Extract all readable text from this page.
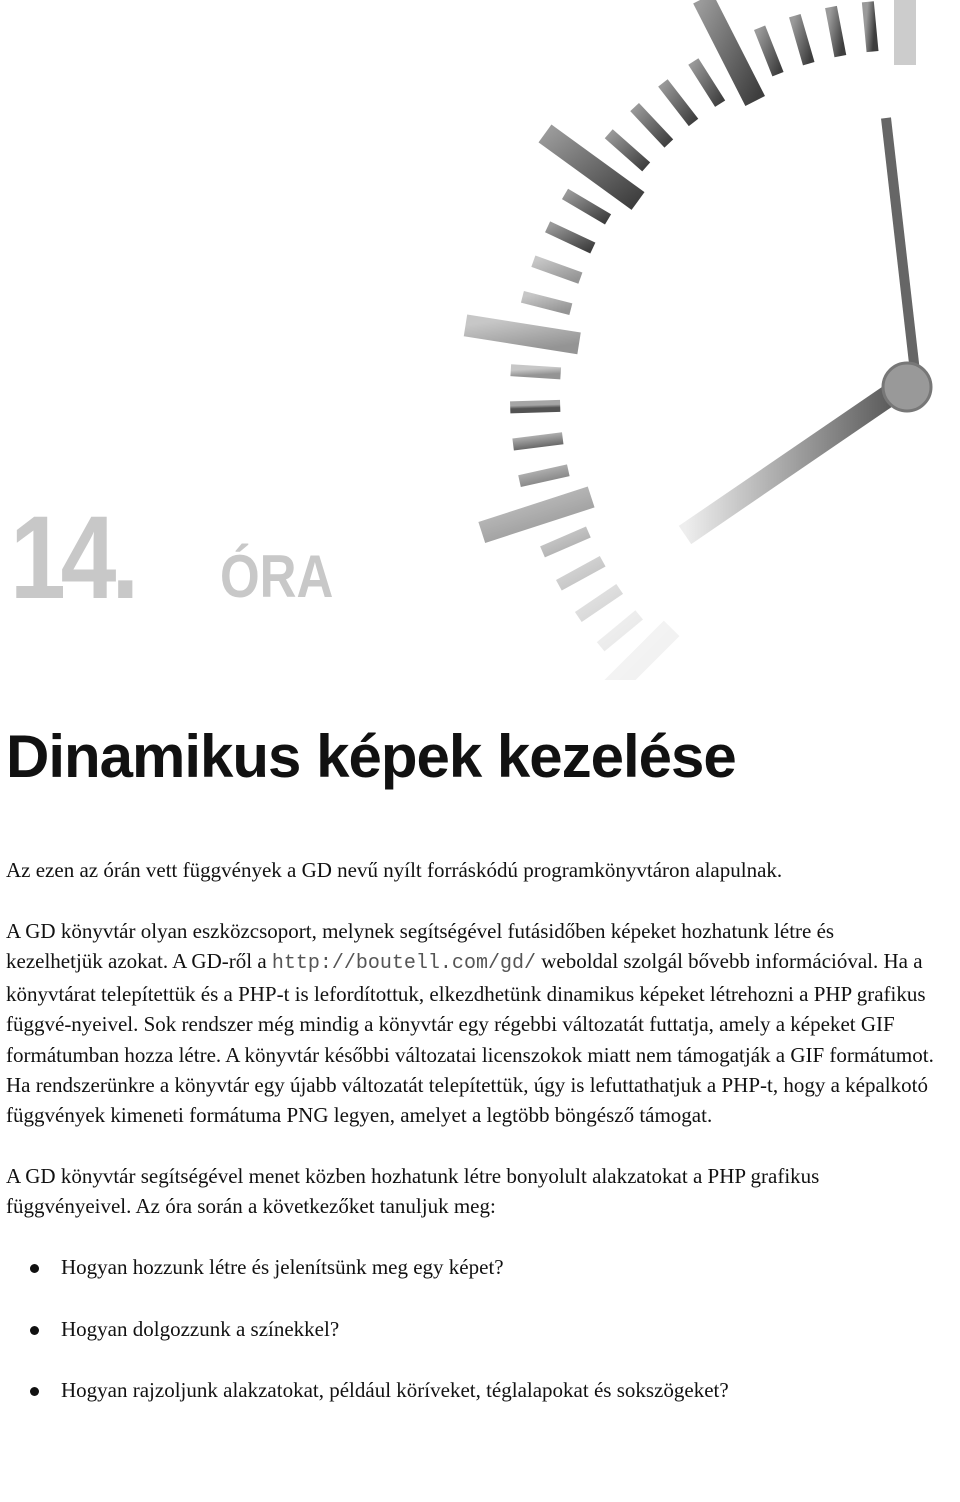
14. ÓRA
Dinamikus képek kezelése

Az ezen az órán vett függvények a GD nevű nyílt forráskódú programkönyvtáron alapulnak.

A GD könyvtár olyan eszközcsoport, melynek segítségével futásidőben képeket hozhatunk létre és kezelhetjük azokat. A GD-ről a http://boutell.com/gd/ weboldal szolgál bővebb információval. Ha a könyvtárat telepítettük és a PHP-t is lefordítottuk, elkezdhetünk dinamikus képeket létrehozni a PHP grafikus függvé-nyeivel. Sok rendszer még mindig a könyvtár egy régebbi változatát futtatja, amely a képeket GIF formátumban hozza létre. A könyvtár későbbi változatai licenszokok miatt nem támogatják a GIF formátumot. Ha rendszerünkre a könyvtár egy újabb változatát telepítettük, úgy is lefuttathatjuk a PHP-t, hogy a képalkotó függvények kimeneti formátuma PNG legyen, amelyet a legtöbb böngésző támogat.

A GD könyvtár segítségével menet közben hozhatunk létre bonyolult alakzatokat a PHP grafikus függvényeivel. Az óra során a következőket tanuljuk meg:

Hogyan hozzunk létre és jelenítsünk meg egy képet?
Hogyan dolgozzunk a színekkel?
Hogyan rajzoljunk alakzatokat, például köríveket, téglalapokat és sokszögeket?
